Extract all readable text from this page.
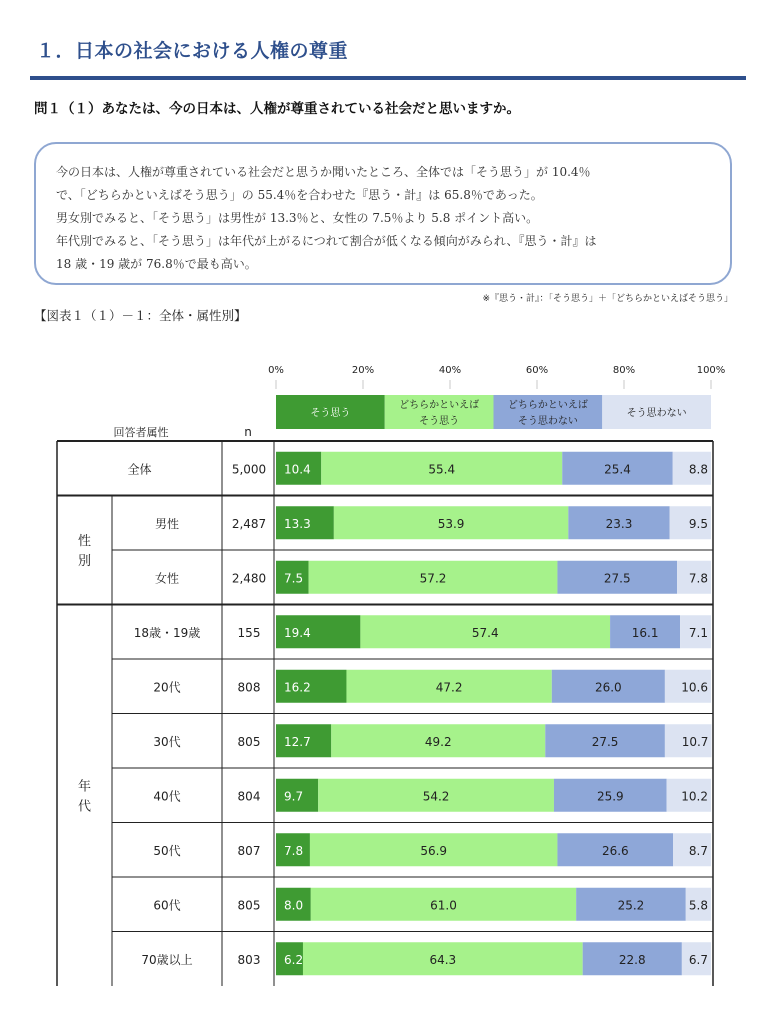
１．日本の社会における人権の尊重

問１（１）あなたは、今の日本は、人権が尊重されている社会だと思いますか。

今の日本は、人権が尊重されている社会だと思うか聞いたところ、全体では「そう思う」が 10.4％
で、「どちらかといえばそう思う」の 55.4％を合わせた『思う・計』は 65.8％であった。
男女別でみると、「そう思う」は男性が 13.3％と、女性の 7.5％より 5.8 ポイント高い。
年代別でみると、「そう思う」は年代が上がるにつれて割合が低くなる傾向がみられ、『思う・計』は
18 歳・19 歳が 76.8％で最も高い。
※『思う・計』：「そう思う」＋「どちらかといえばそう思う」
【図表１（１）－１：全体・属性別】
0%	20%	40%	60%	80%	100%
そう思う
どちらかといえば
そう思う
どちらかといえば
そう思わない
そう思わない
回答者属性	n
全体	5,000 10.4	55.4	25.4	8.8
男性	2,487 13.3	53.9	23.3	9.5
女性	2,480 7.5	57.2	27.5	7.8
18歳・19歳	155 19.4	57.4	16.1	7.1
20代	808 16.2	47.2	26.0	10.6
30代	805 12.7	49.2	27.5	10.7
40代	804 9.7	54.2	25.9	10.2
50代	807 7.8	56.9	26.6	8.7
60代	805 8.0	61.0	25.2	5.8
70歳以上	803 6.2	64.3	22.8	6.7
性
別
年
代
